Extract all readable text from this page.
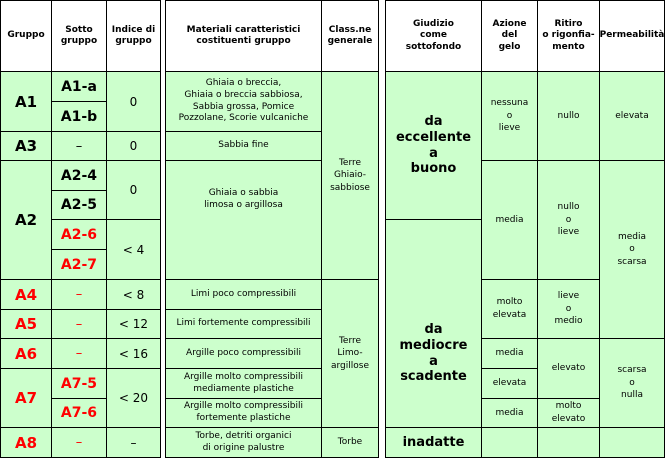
Gruppo
Sotto
gruppo
Indice di
gruppo
Materiali caratteristici
costituenti gruppo
Class.ne
generale
Giudizio
come
sottofondo
Azione
del
gelo
Ritiro
o rigonfia-
mento
Permeabilità
A1
A3
A2
A4
A5
A6
A7
A8
A1-a
A1-b
–
A2-4
A2-5
A2-6
A2-7
–
–
–
A7-5
A7-6
–
0
0
0
< 4
< 8
< 12
< 16
< 20
–
Ghiaia o breccia,
Ghiaia o breccia sabbiosa,
Sabbia grossa, Pomice
Pozzolane, Scorie vulcaniche
Sabbia fine
Ghiaia o sabbia
limosa o argillosa
Limi poco compressibili
Limi fortemente compressibili
Argille poco compressibili
Argille molto compressibili
mediamente plastiche
Argille molto compressibili
fortemente plastiche
Torbe, detriti organici
di origine palustre
Terre
Ghiaio-
sabbiose
Terre
Limo-
argillose
Torbe
da
eccellente
a
buono
da
mediocre
a
scadente
inadatte
nessuna
o
lieve
media
molto
elevata
media
elevata
media
nullo
nullo
o
lieve
lieve
o
medio
elevato
molto
elevato
elevata
media
o
scarsa
scarsa
o
nulla
